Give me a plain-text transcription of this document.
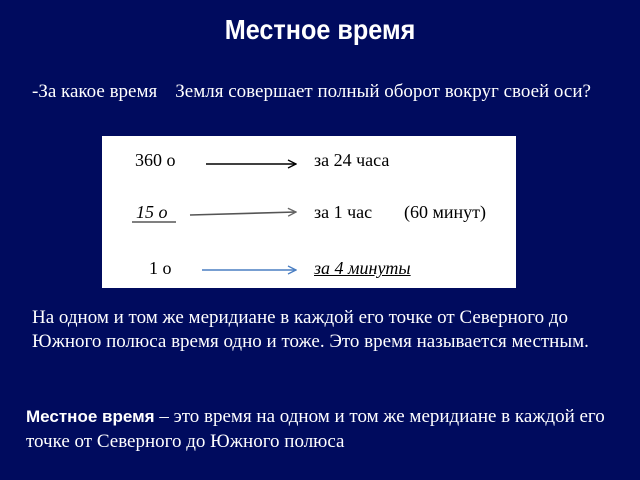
Местное время
-За какое время Земля совершает полный оборот вокруг своей оси?
360 о	за 24 часа
15 о	за 1 час (60 минут)
1 о	за 4 минуты
На одном и том же меридиане в каждой его точке от Северного до Южного полюса время одно и тоже. Это время называется местным.
Местное время – это время на одном и том же меридиане в каждой его точке от Северного до Южного полюса
